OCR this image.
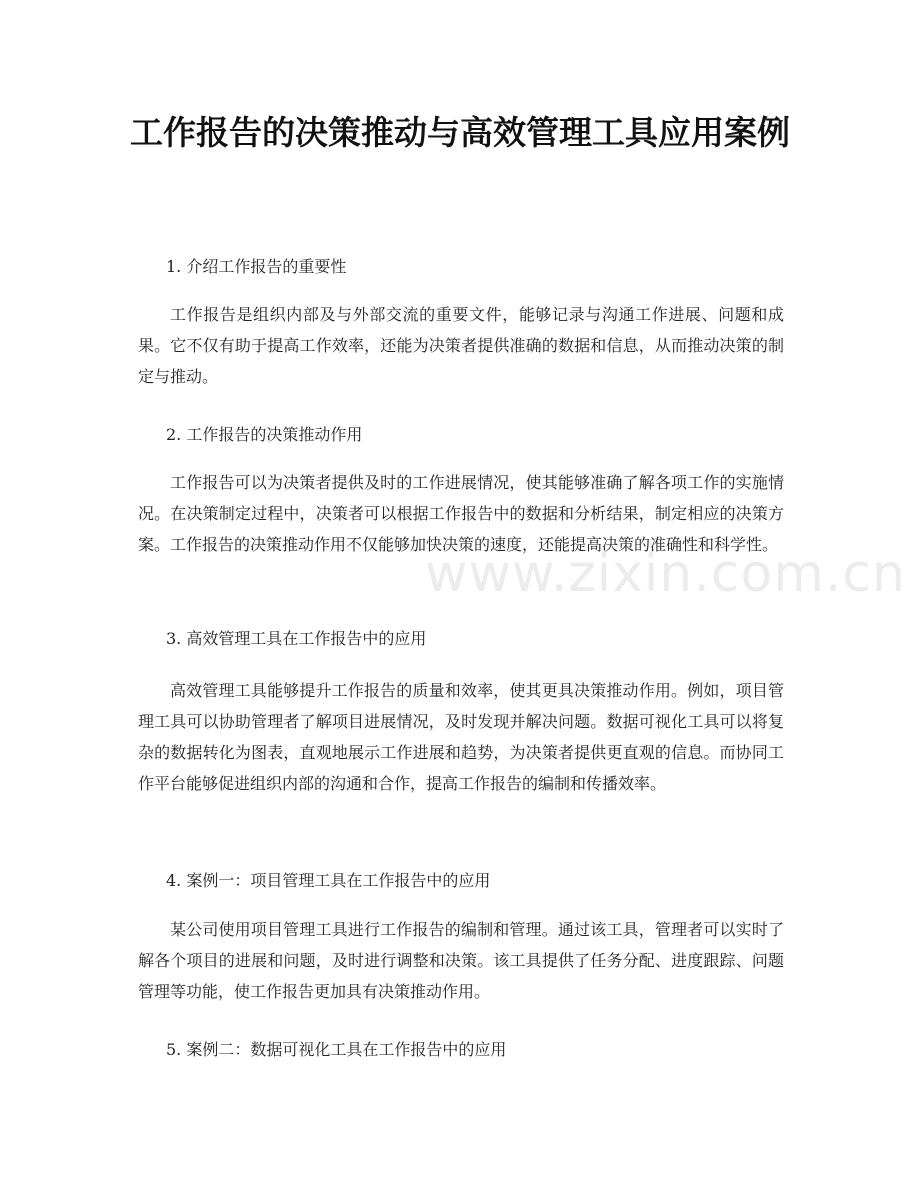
工作报告的决策推动与高效管理工具应用案例

1. 介绍工作报告的重要性

工作报告是组织内部及与外部交流的重要文件，能够记录与沟通工作进展、问题和成果。它不仅有助于提高工作效率，还能为决策者提供准确的数据和信息，从而推动决策的制定与推动。

2. 工作报告的决策推动作用

工作报告可以为决策者提供及时的工作进展情况，使其能够准确了解各项工作的实施情况。在决策制定过程中，决策者可以根据工作报告中的数据和分析结果，制定相应的决策方案。工作报告的决策推动作用不仅能够加快决策的速度，还能提高决策的准确性和科学性。

3. 高效管理工具在工作报告中的应用

高效管理工具能够提升工作报告的质量和效率，使其更具决策推动作用。例如，项目管理工具可以协助管理者了解项目进展情况，及时发现并解决问题。数据可视化工具可以将复杂的数据转化为图表，直观地展示工作进展和趋势，为决策者提供更直观的信息。而协同工作平台能够促进组织内部的沟通和合作，提高工作报告的编制和传播效率。

4. 案例一：项目管理工具在工作报告中的应用

某公司使用项目管理工具进行工作报告的编制和管理。通过该工具，管理者可以实时了解各个项目的进展和问题，及时进行调整和决策。该工具提供了任务分配、进度跟踪、问题管理等功能，使工作报告更加具有决策推动作用。

5. 案例二：数据可视化工具在工作报告中的应用

www.zixin.com.cn
